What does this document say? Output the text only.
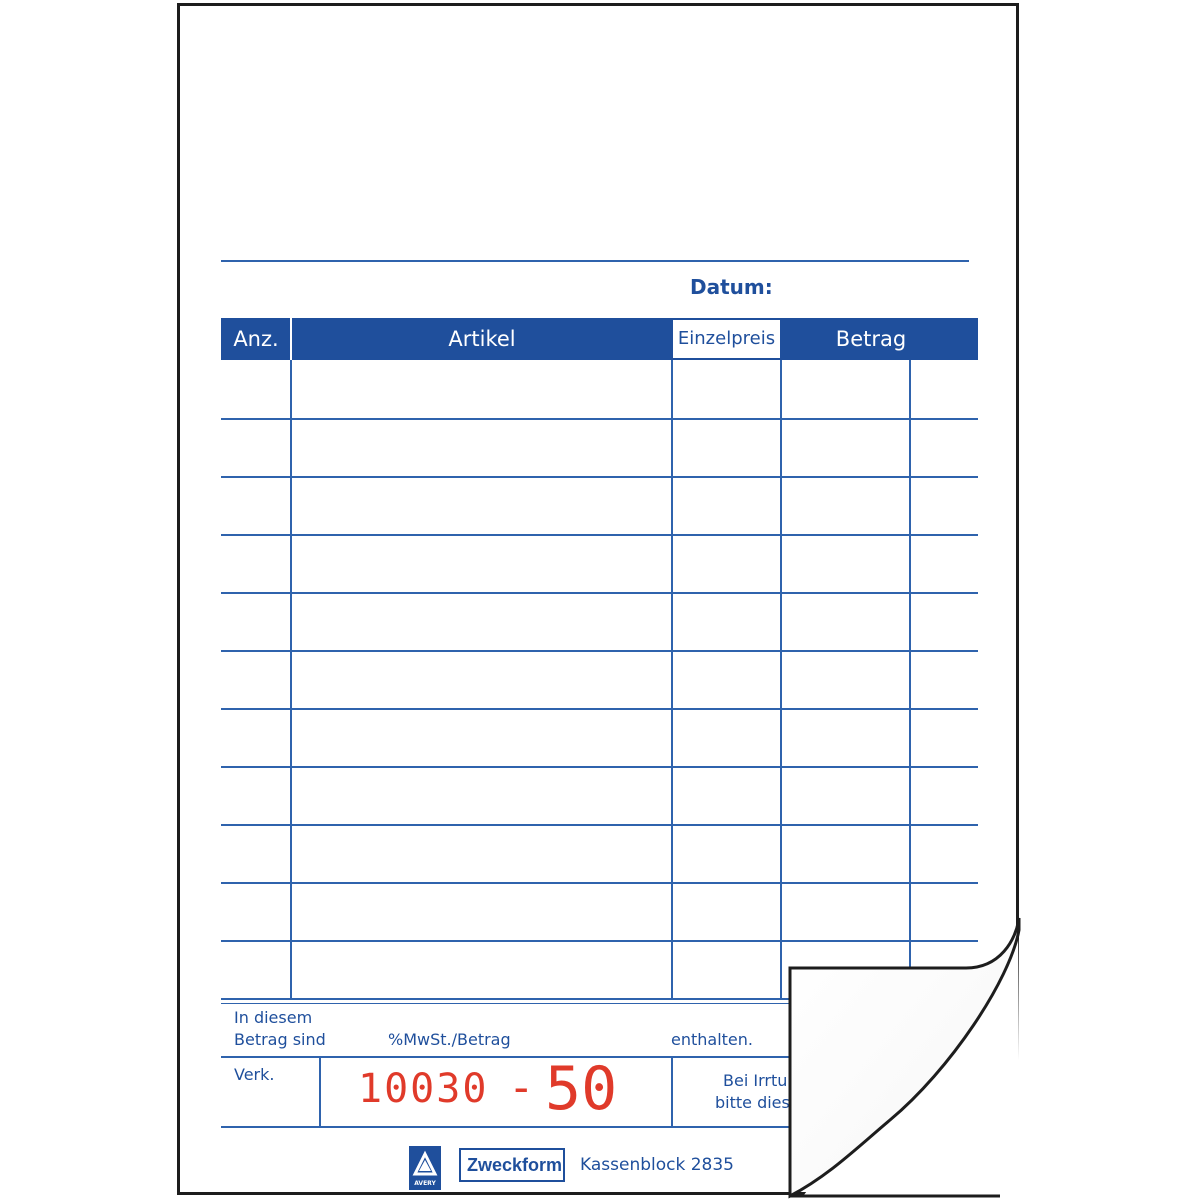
Datum:
Anz.	Artikel	Einzelpreis	Betrag
In diesem
Betrag sind	%MwSt./Betrag	enthalten.
Verk. 10030 - 50	Bei Irrtu
bitte dies
AVERY
Zweckform Kassenblock 2835
